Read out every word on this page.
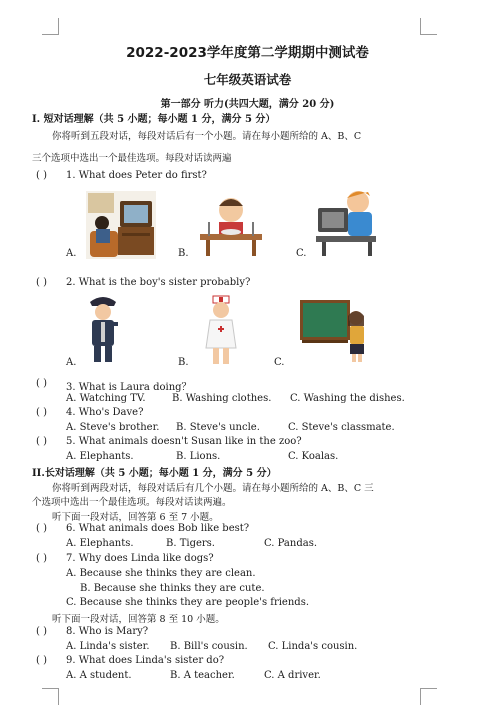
2022-2023学年度第二学期期中测试卷
七年级英语试卷
第一部分 听力(共四大题，满分 20 分)
I. 短对话理解（共 5 小题；每小题 1 分，满分 5 分）
你将听到五段对话，每段对话后有一个小题。请在每小题所给的 A、B、C
三个选项中选出一个最佳选项。每段对话读两遍
( ) 1. What does Peter do first?
A.	B.	C.
( ) 2. What is the boy's sister probably?
A.	B.	C.
( ) 3. What is Laura doing？
A. Watching TV.	B. Washing clothes. C. Washing the dishes.
( ) 4. Who's Dave?
A. Steve's brother. B. Steve's uncle.	C. Steve's classmate.
( ) 5. What animals doesn't Susan like in the zoo?
A. Elephants.	B. Lions.	C. Koalas.
II.长对话理解（共 5 小题；每小题 1 分，满分 5 分）
你将听到两段对话，每段对话后有几个小题。请在每小题所给的 A、B、C 三
个选项中选出一个最佳选项。每段对话读两遍。
听下面一段对话，回答第 6 至 7 小题。
( ) 6. What animals does Bob like best?
A. Elephants.	B. Tigers.	C. Pandas.
( ) 7. Why does Linda like dogs?
A. Because she thinks they are clean.
B. Because she thinks they are cute.
C. Because she thinks they are people's friends.
听下面一段对话，回答第 8 至 10 小题。
( ) 8. Who is Mary?
A. Linda's sister. B. Bill's cousin. C. Linda's cousin.
( ) 9. What does Linda's sister do?
A. A student.	B. A teacher.	C. A driver.
